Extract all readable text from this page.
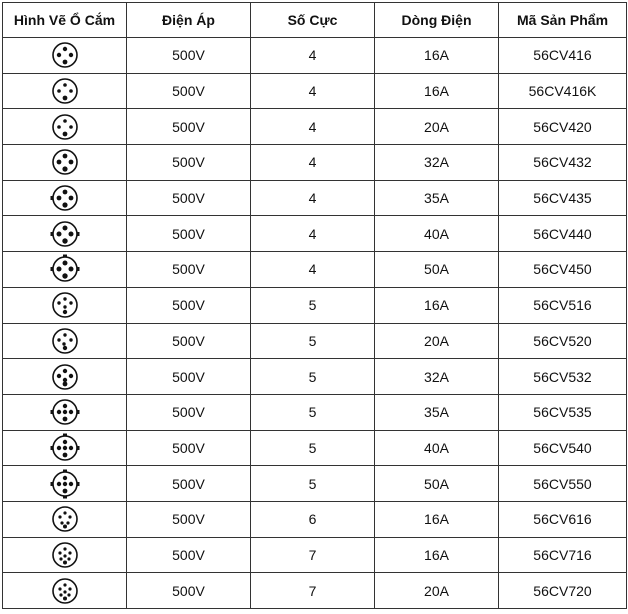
Hình Vẽ Ổ Cắm	Điện Áp	Số Cực	Dòng Điện	Mã Sản Phẩm

	500V	4	16A	56CV416

	500V	4	16A	56CV416K

	500V	4	20A	56CV420

	500V	4	32A	56CV432

	500V	4	35A	56CV435

	500V	4	40A	56CV440

	500V	4	50A	56CV450

	500V	5	16A	56CV516

	500V	5	20A	56CV520

	500V	5	32A	56CV532

	500V	5	35A	56CV535

	500V	5	40A	56CV540

	500V	5	50A	56CV550

	500V	6	16A	56CV616

	500V	7	16A	56CV716

	500V	7	20A	56CV720
